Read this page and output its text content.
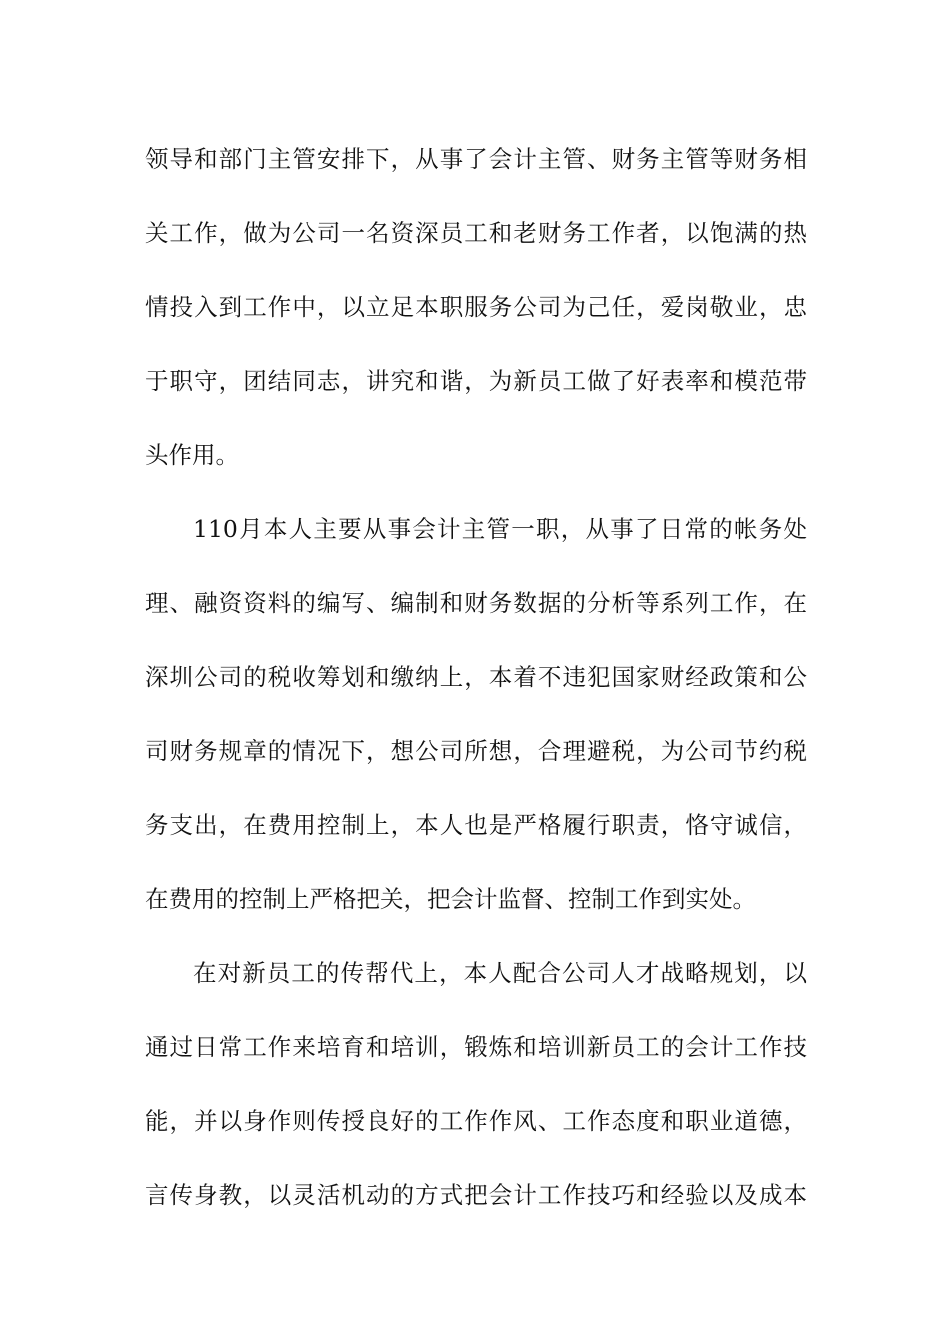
领导和部门主管安排下，从事了会计主管、财务主管等财务相
关工作，做为公司一名资深员工和老财务工作者，以饱满的热
情投入到工作中，以立足本职服务公司为己任，爱岗敬业，忠
于职守，团结同志，讲究和谐，为新员工做了好表率和模范带
头作用。
110月本人主要从事会计主管一职，从事了日常的帐务处
理、融资资料的编写、编制和财务数据的分析等系列工作，在
深圳公司的税收筹划和缴纳上，本着不违犯国家财经政策和公
司财务规章的情况下，想公司所想，合理避税，为公司节约税
务支出，在费用控制上，本人也是严格履行职责，恪守诚信，
在费用的控制上严格把关，把会计监督、控制工作到实处。
在对新员工的传帮代上，本人配合公司人才战略规划，以
通过日常工作来培育和培训，锻炼和培训新员工的会计工作技
能，并以身作则传授良好的工作作风、工作态度和职业道德，
言传身教，以灵活机动的方式把会计工作技巧和经验以及成本
